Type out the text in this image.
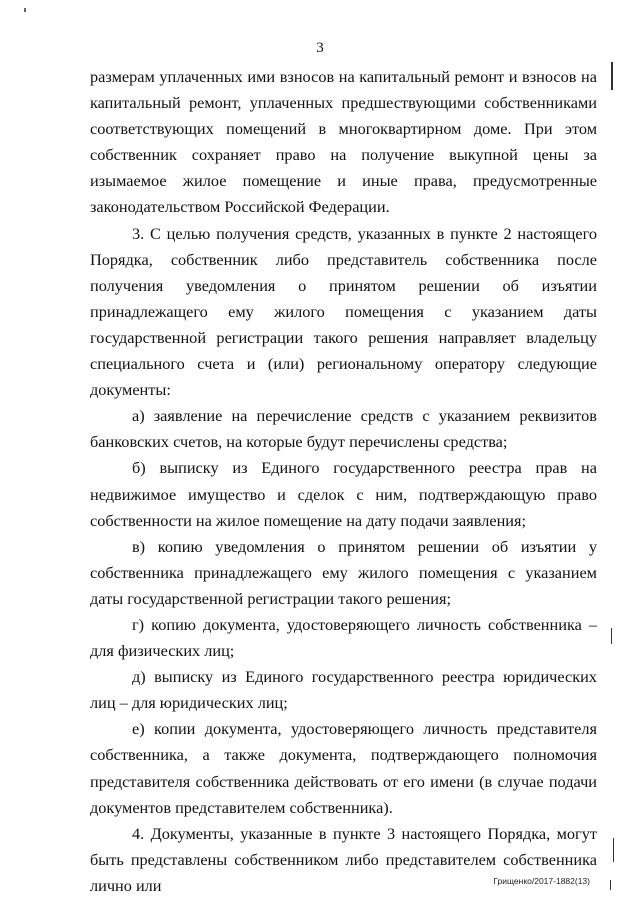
3

размерам уплаченных ими взносов на капитальный ремонт и взносов на капитальный ремонт, уплаченных предшествующими собственниками соответствующих помещений в многоквартирном доме. При этом собственник сохраняет право на получение выкупной цены за изымаемое жилое помещение и иные права, предусмотренные законодательством Российской Федерации.

3. С целью получения средств, указанных в пункте 2 настоящего Порядка, собственник либо представитель собственника после получения уведомления о принятом решении об изъятии принадлежащего ему жилого помещения с указанием даты государственной регистрации такого решения направляет владельцу специального счета и (или) региональному оператору следующие документы:

а) заявление на перечисление средств с указанием реквизитов банковских счетов, на которые будут перечислены средства;

б) выписку из Единого государственного реестра прав на недвижимое имущество и сделок с ним, подтверждающую право собственности на жилое помещение на дату подачи заявления;

в) копию уведомления о принятом решении об изъятии у собственника принадлежащего ему жилого помещения с указанием даты государственной регистрации такого решения;

г) копию документа, удостоверяющего личность собственника – для физических лиц;

д) выписку из Единого государственного реестра юридических лиц – для юридических лиц;

е) копии документа, удостоверяющего личность представителя собственника, а также документа, подтверждающего полномочия представителя собственника действовать от его имени (в случае подачи документов представителем собственника).

4. Документы, указанные в пункте 3 настоящего Порядка, могут быть представлены собственником либо представителем собственника лично или	Грищенко/2017-1882(13)
